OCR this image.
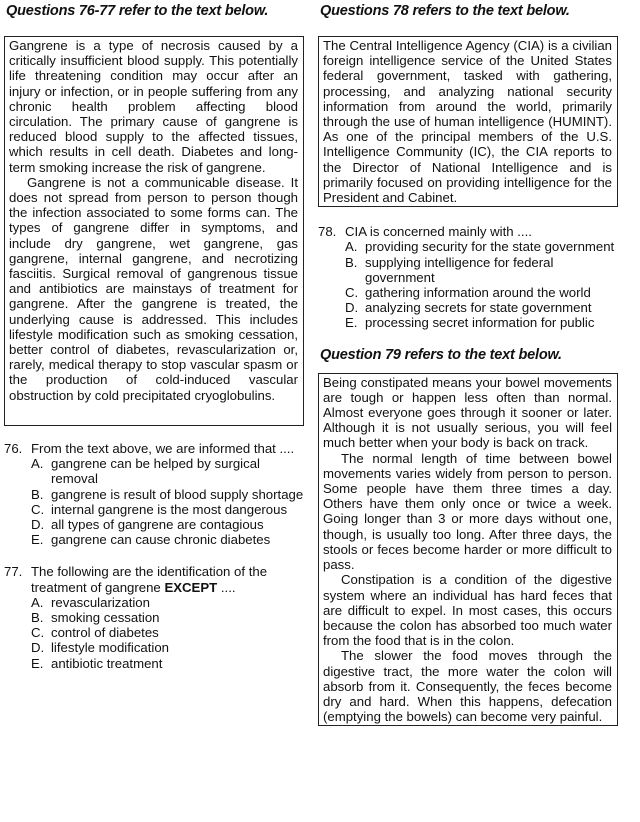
Questions 76-77 refer to the text below.

Gangrene is a type of necrosis caused by a critically insufficient blood supply. This potentially life threatening condition may occur after an injury or infection, or in people suffering from any chronic health problem affecting blood circulation. The primary cause of gangrene is reduced blood supply to the affected tissues, which results in cell death. Diabetes and long-term smoking increase the risk of gangrene.

Gangrene is not a communicable disease. It does not spread from person to person though the infection associated to some forms can. The types of gangrene differ in symptoms, and include dry gangrene, wet gangrene, gas gangrene, internal gangrene, and necrotizing fasciitis. Surgical removal of gangrenous tissue and antibiotics are mainstays of treatment for gangrene. After the gangrene is treated, the underlying cause is addressed. This includes lifestyle modification such as smoking cessation, better control of diabetes, revascularization or, rarely, medical therapy to stop vascular spasm or the production of cold-induced vascular obstruction by cold precipitated cryoglobulins.

76. From the text above, we are informed that ....
A. gangrene can be helped by surgical removal
B. gangrene is result of blood supply shortage
C. internal gangrene is the most dangerous
D. all types of gangrene are contagious
E. gangrene can cause chronic diabetes
77. The following are the identification of the treatment of gangrene EXCEPT ....
A. revascularization
B. smoking cessation
C. control of diabetes
D. lifestyle modification
E. antibiotic treatment
Questions 78 refers to the text below.

The Central Intelligence Agency (CIA) is a civilian foreign intelligence service of the United States federal government, tasked with gathering, processing, and analyzing national security information from around the world, primarily through the use of human intelligence (HUMINT). As one of the principal members of the U.S. Intelligence Community (IC), the CIA reports to the Director of National Intelligence and is primarily focused on providing intelligence for the President and Cabinet.

78. CIA is concerned mainly with ....
A. providing security for the state government
B. supplying intelligence for federal government
C. gathering information around the world
D. analyzing secrets for state government
E. processing secret information for public
Question 79 refers to the text below.

Being constipated means your bowel movements are tough or happen less often than normal. Almost everyone goes through it sooner or later. Although it is not usually serious, you will feel much better when your body is back on track.

The normal length of time between bowel movements varies widely from person to person. Some people have them three times a day. Others have them only once or twice a week. Going longer than 3 or more days without one, though, is usually too long. After three days, the stools or feces become harder or more difficult to pass.

Constipation is a condition of the digestive system where an individual has hard feces that are difficult to expel. In most cases, this occurs because the colon has absorbed too much water from the food that is in the colon.

The slower the food moves through the digestive tract, the more water the colon will absorb from it. Consequently, the feces become dry and hard. When this happens, defecation (emptying the bowels) can become very painful.
